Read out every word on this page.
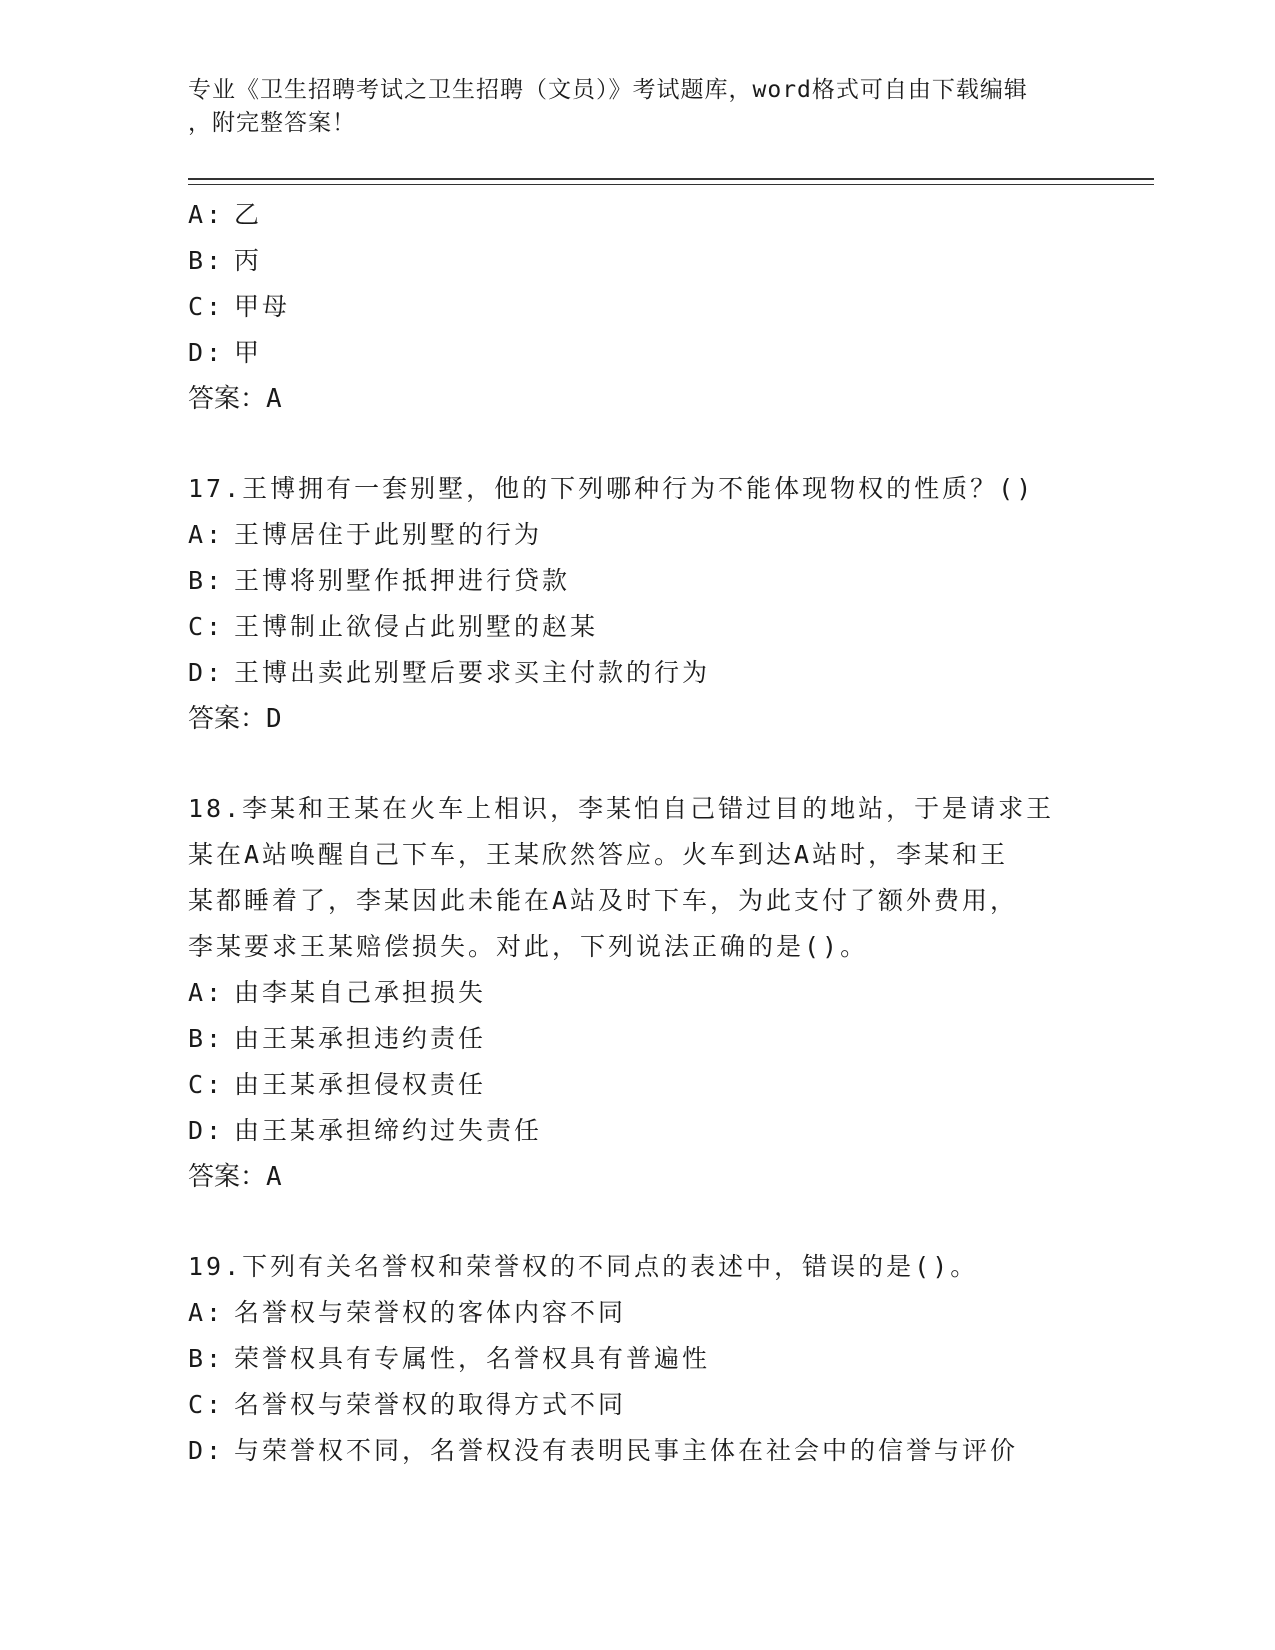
专业《卫生招聘考试之卫生招聘（文员）》考试题库，word格式可自由下载编辑
，附完整答案！
A: 乙
B: 丙
C: 甲母
D: 甲
答案：A
17.王博拥有一套别墅，他的下列哪种行为不能体现物权的性质？()
A: 王博居住于此别墅的行为
B: 王博将别墅作抵押进行贷款
C: 王博制止欲侵占此别墅的赵某
D: 王博出卖此别墅后要求买主付款的行为
答案：D
18.李某和王某在火车上相识，李某怕自己错过目的地站，于是请求王
某在A站唤醒自己下车，王某欣然答应。火车到达A站时，李某和王
某都睡着了，李某因此未能在A站及时下车，为此支付了额外费用，
李某要求王某赔偿损失。对此，下列说法正确的是()。
A: 由李某自己承担损失
B: 由王某承担违约责任
C: 由王某承担侵权责任
D: 由王某承担缔约过失责任
答案：A
19.下列有关名誉权和荣誉权的不同点的表述中，错误的是()。
A: 名誉权与荣誉权的客体内容不同
B: 荣誉权具有专属性，名誉权具有普遍性
C: 名誉权与荣誉权的取得方式不同
D: 与荣誉权不同，名誉权没有表明民事主体在社会中的信誉与评价
